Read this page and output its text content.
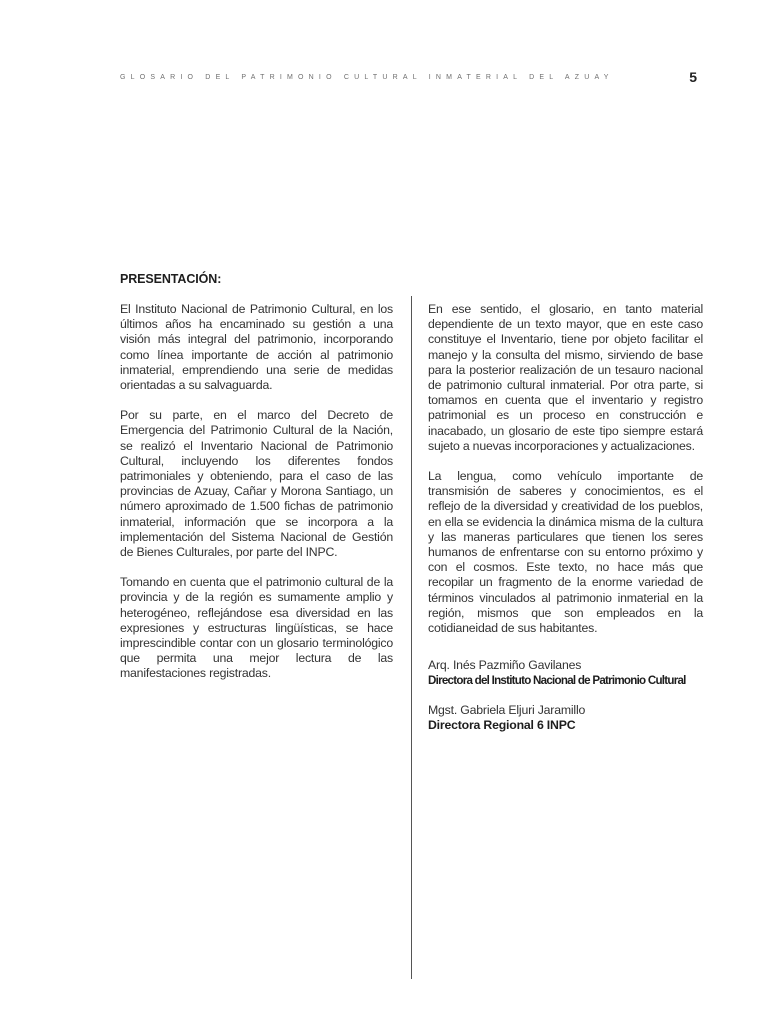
GLOSARIO DEL PATRIMONIO CULTURAL INMATERIAL DEL AZUAY	5
PRESENTACIÓN:

El Instituto Nacional de Patrimonio Cultural, en los últimos años ha encaminado su gestión a una visión más integral del patrimonio, incorporando como línea importante de acción al patrimonio inmaterial, emprendiendo una serie de medidas orientadas a su salvaguarda.

Por su parte, en el marco del Decreto de Emergencia del Patrimonio Cultural de la Nación, se realizó el Inventario Nacional de Patrimonio Cultural, incluyendo los diferentes fondos patrimoniales y obteniendo, para el caso de las provincias de Azuay, Cañar y Morona Santiago, un número aproximado de 1.500 fichas de patrimonio inmaterial, información que se incorpora a la implementación del Sistema Nacional de Gestión de Bienes Culturales, por parte del INPC.

Tomando en cuenta que el patrimonio cultural de la provincia y de la región es sumamente amplio y heterogéneo, reflejándose esa diversidad en las expresiones y estructuras lingüísticas, se hace imprescindible contar con un glosario terminológico que permita una mejor lectura de las manifestaciones registradas.

En ese sentido, el glosario, en tanto material dependiente de un texto mayor, que en este caso constituye el Inventario, tiene por objeto facilitar el manejo y la consulta del mismo, sirviendo de base para la posterior realización de un tesauro nacional de patrimonio cultural inmaterial. Por otra parte, si tomamos en cuenta que el inventario y registro patrimonial es un proceso en construcción e inacabado, un glosario de este tipo siempre estará sujeto a nuevas incorporaciones y actualizaciones.

La lengua, como vehículo importante de transmisión de saberes y conocimientos, es el reflejo de la diversidad y creatividad de los pueblos, en ella se evidencia la dinámica misma de la cultura y las maneras particulares que tienen los seres humanos de enfrentarse con su entorno próximo y con el cosmos. Este texto, no hace más que recopilar un fragmento de la enorme variedad de términos vinculados al patrimonio inmaterial en la región, mismos que son empleados en la cotidianeidad de sus habitantes.

Arq. Inés Pazmiño Gavilanes

Directora del Instituto Nacional de Patrimonio Cultural

Mgst. Gabriela Eljuri Jaramillo

Directora Regional 6 INPC
